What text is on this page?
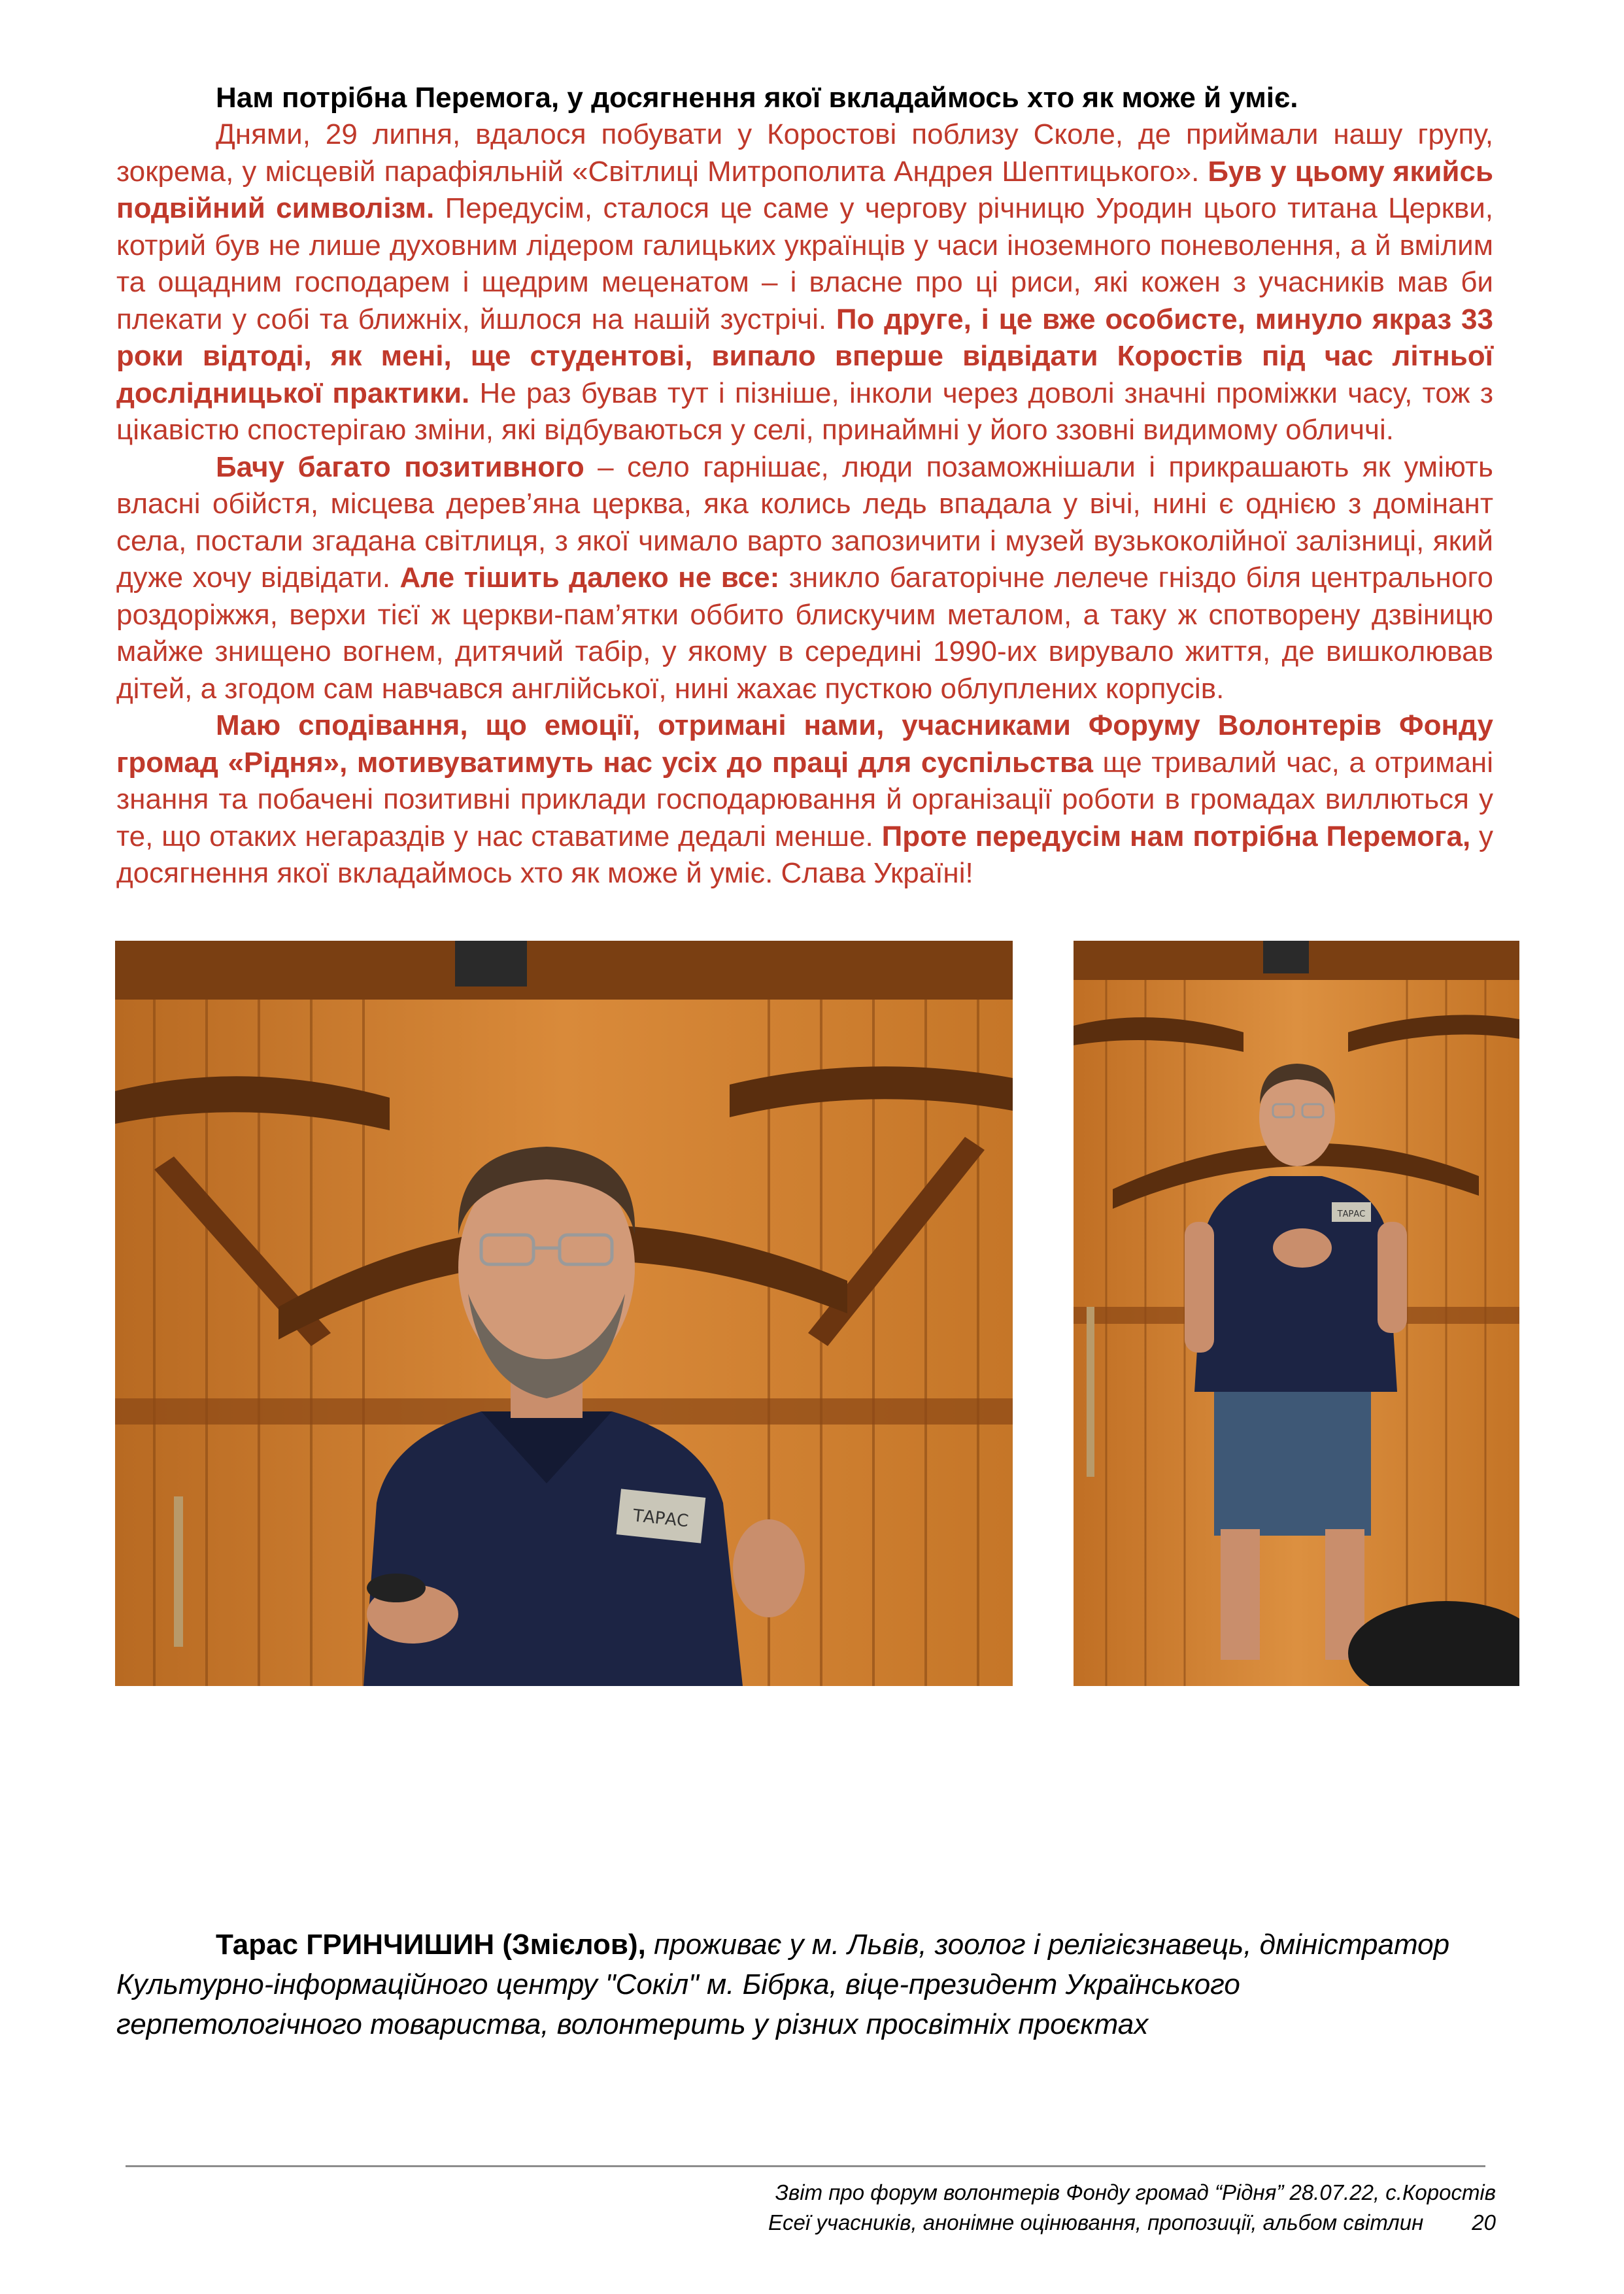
Нам потрібна Перемога, у досягнення якої вкладаймось хто як може й уміє.

Днями, 29 липня, вдалося побувати у Коростові поблизу Сколе, де приймали нашу групу, зокрема, у місцевій парафіяльній «Світлиці Митрополита Андрея Шептицького». Був у цьому якийсь подвійний символізм. Передусім, сталося це саме у чергову річницю Уродин цього титана Церкви, котрий був не лише духовним лідером галицьких українців у часи іноземного поневолення, а й вмілим та ощадним господарем і щедрим меценатом – і власне про ці риси, які кожен з учасників мав би плекати у собі та ближніх, йшлося на нашій зустрічі. По друге, і це вже особисте, минуло якраз 33 роки відтоді, як мені, ще студентові, випало вперше відвідати Коростів під час літньої дослідницької практики. Не раз бував тут і пізніше, інколи через доволі значні проміжки часу, тож з цікавістю спостерігаю зміни, які відбуваються у селі, принаймні у його ззовні видимому обличчі.

Бачу багато позитивного – село гарнішає, люди позаможнішали і прикрашають як уміють власні обійстя, місцева дерев’яна церква, яка колись ледь впадала у вічі, нині є однією з домінант села, постали згадана світлиця, з якої чимало варто запозичити і музей вузькоколійної залізниці, який дуже хочу відвідати. Але тішить далеко не все: зникло багаторічне лелече гніздо біля центрального роздоріжжя, верхи тієї ж церкви-пам’ятки оббито блискучим металом, а таку ж спотворену дзвіницю майже знищено вогнем, дитячий табір, у якому в середині 1990-их вирувало життя, де вишколював дітей, а згодом сам навчався англійської, нині жахає пусткою облуплених корпусів.

Маю сподівання, що емоції, отримані нами, учасниками Форуму Волонтерів Фонду громад «Рідня», мотивуватимуть нас усіх до праці для суспільства ще тривалий час, а отримані знання та побачені позитивні приклади господарювання й організації роботи в громадах виллються у те, що отаких негараздів у нас ставатиме дедалі менше. Проте передусім нам потрібна Перемога, у досягнення якої вкладаймось хто як може й уміє. Слава Україні!

ТАРАС
ТАРАС
Тарас ГРИНЧИШИН (Змієлов), проживає у м. Львів, зоолог і релігієзнавець, дміністратор
Культурно-інформаційного центру "Сокіл" м. Бібрка, віце-президент Українського
герпетологічного товариства, волонтерить у різних просвітніх проєктах
Звіт про форум волонтерів Фонду громад “Рідня” 28.07.22, с.Коростів
Есеї учасників, анонімне оцінювання, пропозиції, альбом світлин 20
